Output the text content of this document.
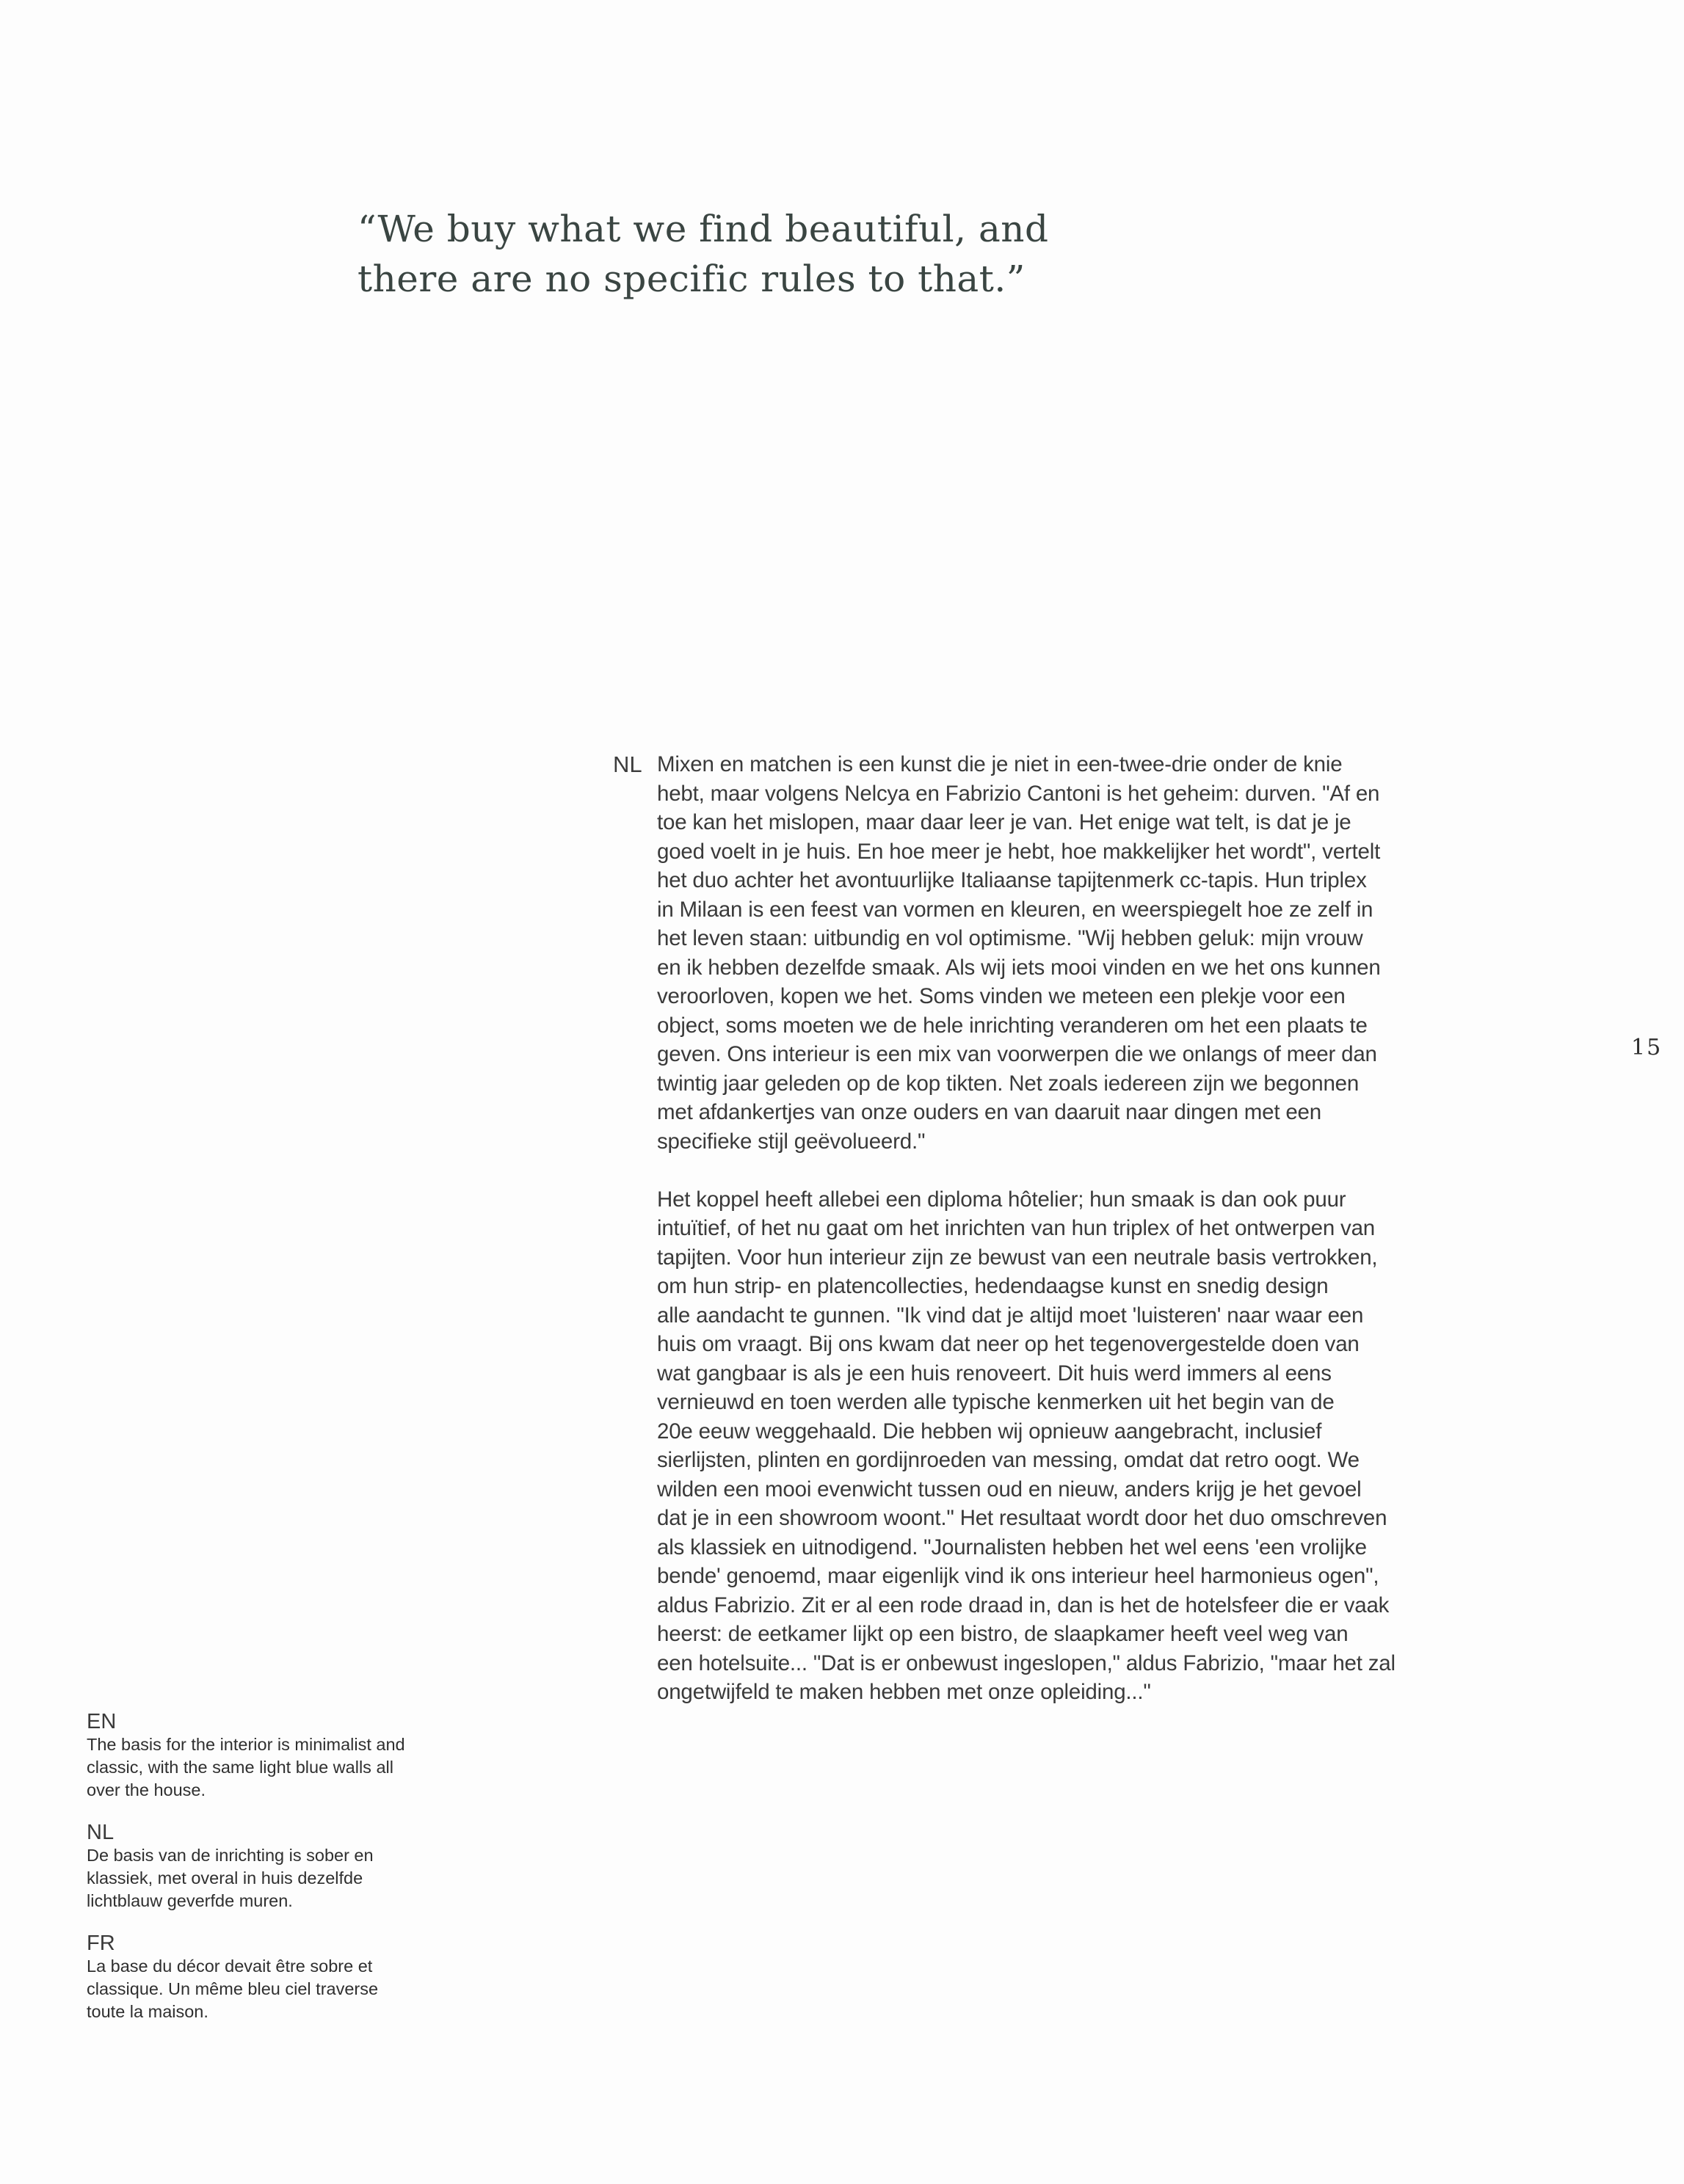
“We buy what we find beautiful, and
there are no specific rules to that.”
NL Mixen en matchen is een kunst die je niet in een-twee-drie onder de knie
hebt, maar volgens Nelcya en Fabrizio Cantoni is het geheim: durven. "Af en
toe kan het mislopen, maar daar leer je van. Het enige wat telt, is dat je je
goed voelt in je huis. En hoe meer je hebt, hoe makkelijker het wordt", vertelt
het duo achter het avontuurlijke Italiaanse tapijtenmerk cc-tapis. Hun triplex
in Milaan is een feest van vormen en kleuren, en weerspiegelt hoe ze zelf in
het leven staan: uitbundig en vol optimisme. "Wij hebben geluk: mijn vrouw
en ik hebben dezelfde smaak. Als wij iets mooi vinden en we het ons kunnen
veroorloven, kopen we het. Soms vinden we meteen een plekje voor een
object, soms moeten we de hele inrichting veranderen om het een plaats te
geven. Ons interieur is een mix van voorwerpen die we onlangs of meer dan
twintig jaar geleden op de kop tikten. Net zoals iedereen zijn we begonnen
met afdankertjes van onze ouders en van daaruit naar dingen met een
specifieke stijl geëvolueerd."

Het koppel heeft allebei een diploma hôtelier; hun smaak is dan ook puur
intuïtief, of het nu gaat om het inrichten van hun triplex of het ontwerpen van
tapijten. Voor hun interieur zijn ze bewust van een neutrale basis vertrokken,
om hun strip- en platencollecties, hedendaagse kunst en snedig design
alle aandacht te gunnen. "Ik vind dat je altijd moet 'luisteren' naar waar een
huis om vraagt. Bij ons kwam dat neer op het tegenovergestelde doen van
wat gangbaar is als je een huis renoveert. Dit huis werd immers al eens
vernieuwd en toen werden alle typische kenmerken uit het begin van de
20e eeuw weggehaald. Die hebben wij opnieuw aangebracht, inclusief
sierlijsten, plinten en gordijnroeden van messing, omdat dat retro oogt. We
wilden een mooi evenwicht tussen oud en nieuw, anders krijg je het gevoel
dat je in een showroom woont." Het resultaat wordt door het duo omschreven
als klassiek en uitnodigend. "Journalisten hebben het wel eens 'een vrolijke
bende' genoemd, maar eigenlijk vind ik ons interieur heel harmonieus ogen",
aldus Fabrizio. Zit er al een rode draad in, dan is het de hotelsfeer die er vaak
heerst: de eetkamer lijkt op een bistro, de slaapkamer heeft veel weg van
een hotelsuite... "Dat is er onbewust ingeslopen," aldus Fabrizio, "maar het zal
ongetwijfeld te maken hebben met onze opleiding..."

15
EN
The basis for the interior is minimalist and
classic, with the same light blue walls all
over the house.
NL
De basis van de inrichting is sober en
klassiek, met overal in huis dezelfde
lichtblauw geverfde muren.
FR
La base du décor devait être sobre et
classique. Un même bleu ciel traverse
toute la maison.
